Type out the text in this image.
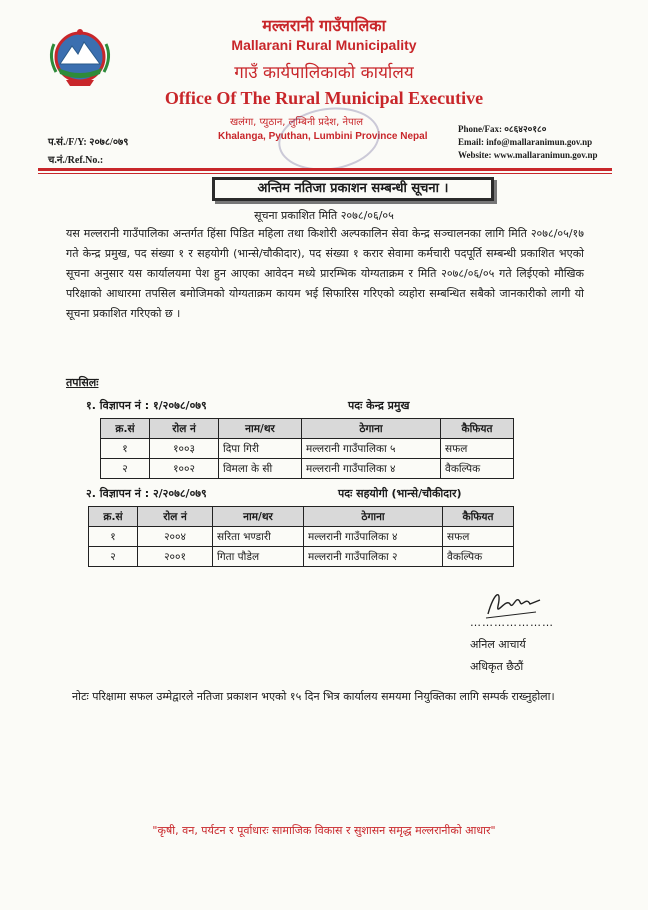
मल्लरानी गाउँपालिका
Mallarani Rural Municipality
गाउँ कार्यपालिकाको कार्यालय
Office Of The Rural Municipal Executive
खलंगा, प्युठान, लुम्बिनी प्रदेश, नेपाल
Khalanga, Pyuthan, Lumbini Province Nepal
प.सं./F/Y: २०७८/०७९
च.नं./Ref.No.:
Phone/Fax: ०८६४२०१८०
Email: info@mallaranimun.gov.np
Website: www.mallaranimun.gov.np
अन्तिम नतिजा प्रकाशन सम्बन्धी सूचना ।
सूचना प्रकाशित मिति २०७८/०६/०५
यस मल्लरानी गाउँपालिका अन्तर्गत हिंसा पिडित महिला तथा किशोरी अल्पकालिन सेवा केन्द्र सञ्चालनका लागि मिति २०७८/०५/१७ गते केन्द्र प्रमुख, पद संख्या १ र सहयोगी (भान्से/चौकीदार), पद संख्या १ करार सेवामा कर्मचारी पदपूर्ति सम्बन्धी प्रकाशित भएको सूचना अनुसार यस कार्यालयमा पेश हुन आएका आवेदन मध्ये प्रारम्भिक योग्यताक्रम र मिति २०७८/०६/०५ गते लिईएको मौखिक परिक्षाको आधारमा तपसिल बमोजिमको योग्यताक्रम कायम भई सिफारिस गरिएको व्यहोरा सम्बन्धित सबैको जानकारीको लागी यो सूचना प्रकाशित गरिएको छ ।
तपसिलः
१. विज्ञापन नं : १/२०७८/०७९	पदः केन्द्र प्रमुख
क्र.सं	रोल नं	नाम/थर	ठेगाना	कैफियत
१	१००३	दिपा गिरी	मल्लरानी गाउँपालिका ५	सफल
२	१००२	विमला के सी	मल्लरानी गाउँपालिका ४	वैकल्पिक
२. विज्ञापन नं : २/२०७८/०७९	पदः सहयोगी (भान्से/चौकीदार)
क्र.सं	रोल नं	नाम/थर	ठेगाना	कैफियत
१	२००४	सरिता भण्डारी	मल्लरानी गाउँपालिका ४	सफल
२	२००१	गिता पौडेल	मल्लरानी गाउँपालिका २	वैकल्पिक
…………………
अनिल आचार्य
अधिकृत छैठौं
नोटः परिक्षामा सफल उम्मेद्वारले नतिजा प्रकाशन भएको १५ दिन भित्र कार्यालय समयमा नियुक्तिका लागि सम्पर्क राख्नुहोला।
"कृषी, वन, पर्यटन र पूर्वाधारः सामाजिक विकास र सुशासन समृद्ध मल्लरानीको आधार"
